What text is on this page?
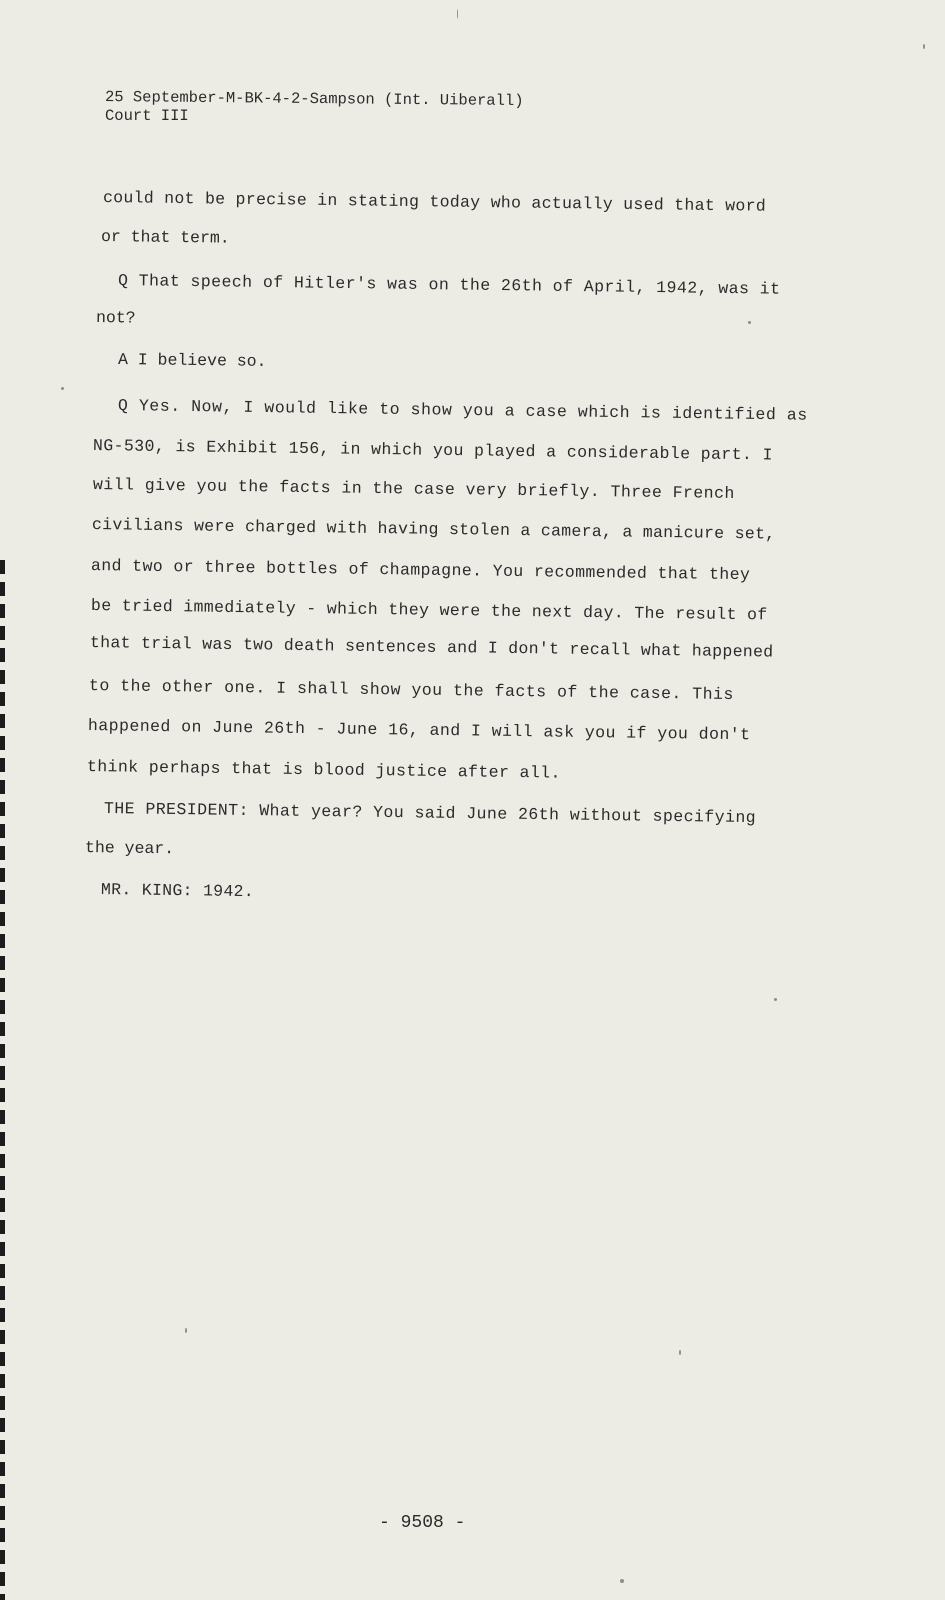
25 September-M-BK-4-2-Sampson (Int. Uiberall)

Court III

could not be precise in stating today who actually used that word

or that term.

Q That speech of Hitler's was on the 26th of April, 1942, was it

not?

A I believe so.

Q Yes. Now, I would like to show you a case which is identified as

NG-530, is Exhibit 156, in which you played a considerable part. I

will give you the facts in the case very briefly. Three French

civilians were charged with having stolen a camera, a manicure set,

and two or three bottles of champagne. You recommended that they

be tried immediately - which they were the next day. The result of

that trial was two death sentences and I don't recall what happened

to the other one. I shall show you the facts of the case. This

happened on June 26th - June 16, and I will ask you if you don't

think perhaps that is blood justice after all.

THE PRESIDENT: What year? You said June 26th without specifying

the year.

MR. KING: 1942.

- 9508 -
